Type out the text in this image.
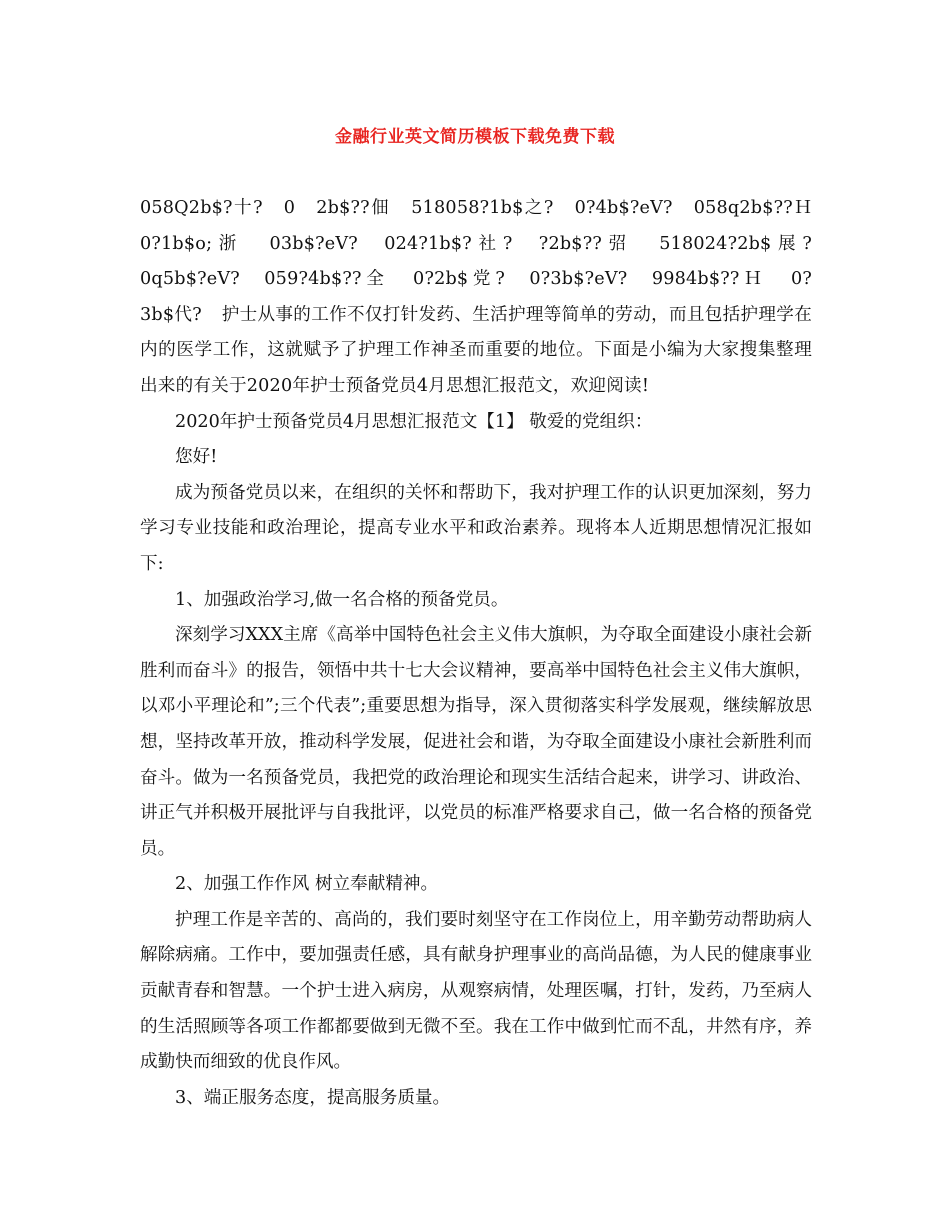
金融行业英文简历模板下载免费下载

058Q2b$?十? 0 2b$??佃 518058?1b$之? 0?4b$?eV? 058q2b$??Ｈ 0?1b$o;浙 03b$?eV? 024?1b$?社? ?2b$??弨 518024?2b$展? 0q5b$?eV? 059?4b$??全 0?2b$党? 0?3b$?eV? 9984b$??Ｈ 0?3b$代? 护士从事的工作不仅打针发药、生活护理等简单的劳动，而且包括护理学在内的医学工作，这就赋予了护理工作神圣而重要的地位。下面是小编为大家搜集整理出来的有关于2020年护士预备党员4月思想汇报范文，欢迎阅读!

2020年护士预备党员4月思想汇报范文【1】 敬爱的党组织：

您好!

成为预备党员以来，在组织的关怀和帮助下，我对护理工作的认识更加深刻，努力学习专业技能和政治理论，提高专业水平和政治素养。现将本人近期思想情况汇报如下:

1、加强政治学习,做一名合格的预备党员。

深刻学习XXX主席《高举中国特色社会主义伟大旗帜，为夺取全面建设小康社会新胜利而奋斗》的报告，领悟中共十七大会议精神，要高举中国特色社会主义伟大旗帜，以邓小平理论和”;三个代表”;重要思想为指导，深入贯彻落实科学发展观，继续解放思想，坚持改革开放，推动科学发展，促进社会和谐，为夺取全面建设小康社会新胜利而奋斗。做为一名预备党员，我把党的政治理论和现实生活结合起来，讲学习、讲政治、讲正气并积极开展批评与自我批评，以党员的标准严格要求自己，做一名合格的预备党员。

2、加强工作作风 树立奉献精神。

护理工作是辛苦的、高尚的，我们要时刻坚守在工作岗位上，用辛勤劳动帮助病人解除病痛。工作中，要加强责任感，具有献身护理事业的高尚品德，为人民的健康事业贡献青春和智慧。一个护士进入病房，从观察病情，处理医嘱，打针，发药，乃至病人的生活照顾等各项工作都都要做到无微不至。我在工作中做到忙而不乱，井然有序，养成勤快而细致的优良作风。

3、端正服务态度，提高服务质量。
